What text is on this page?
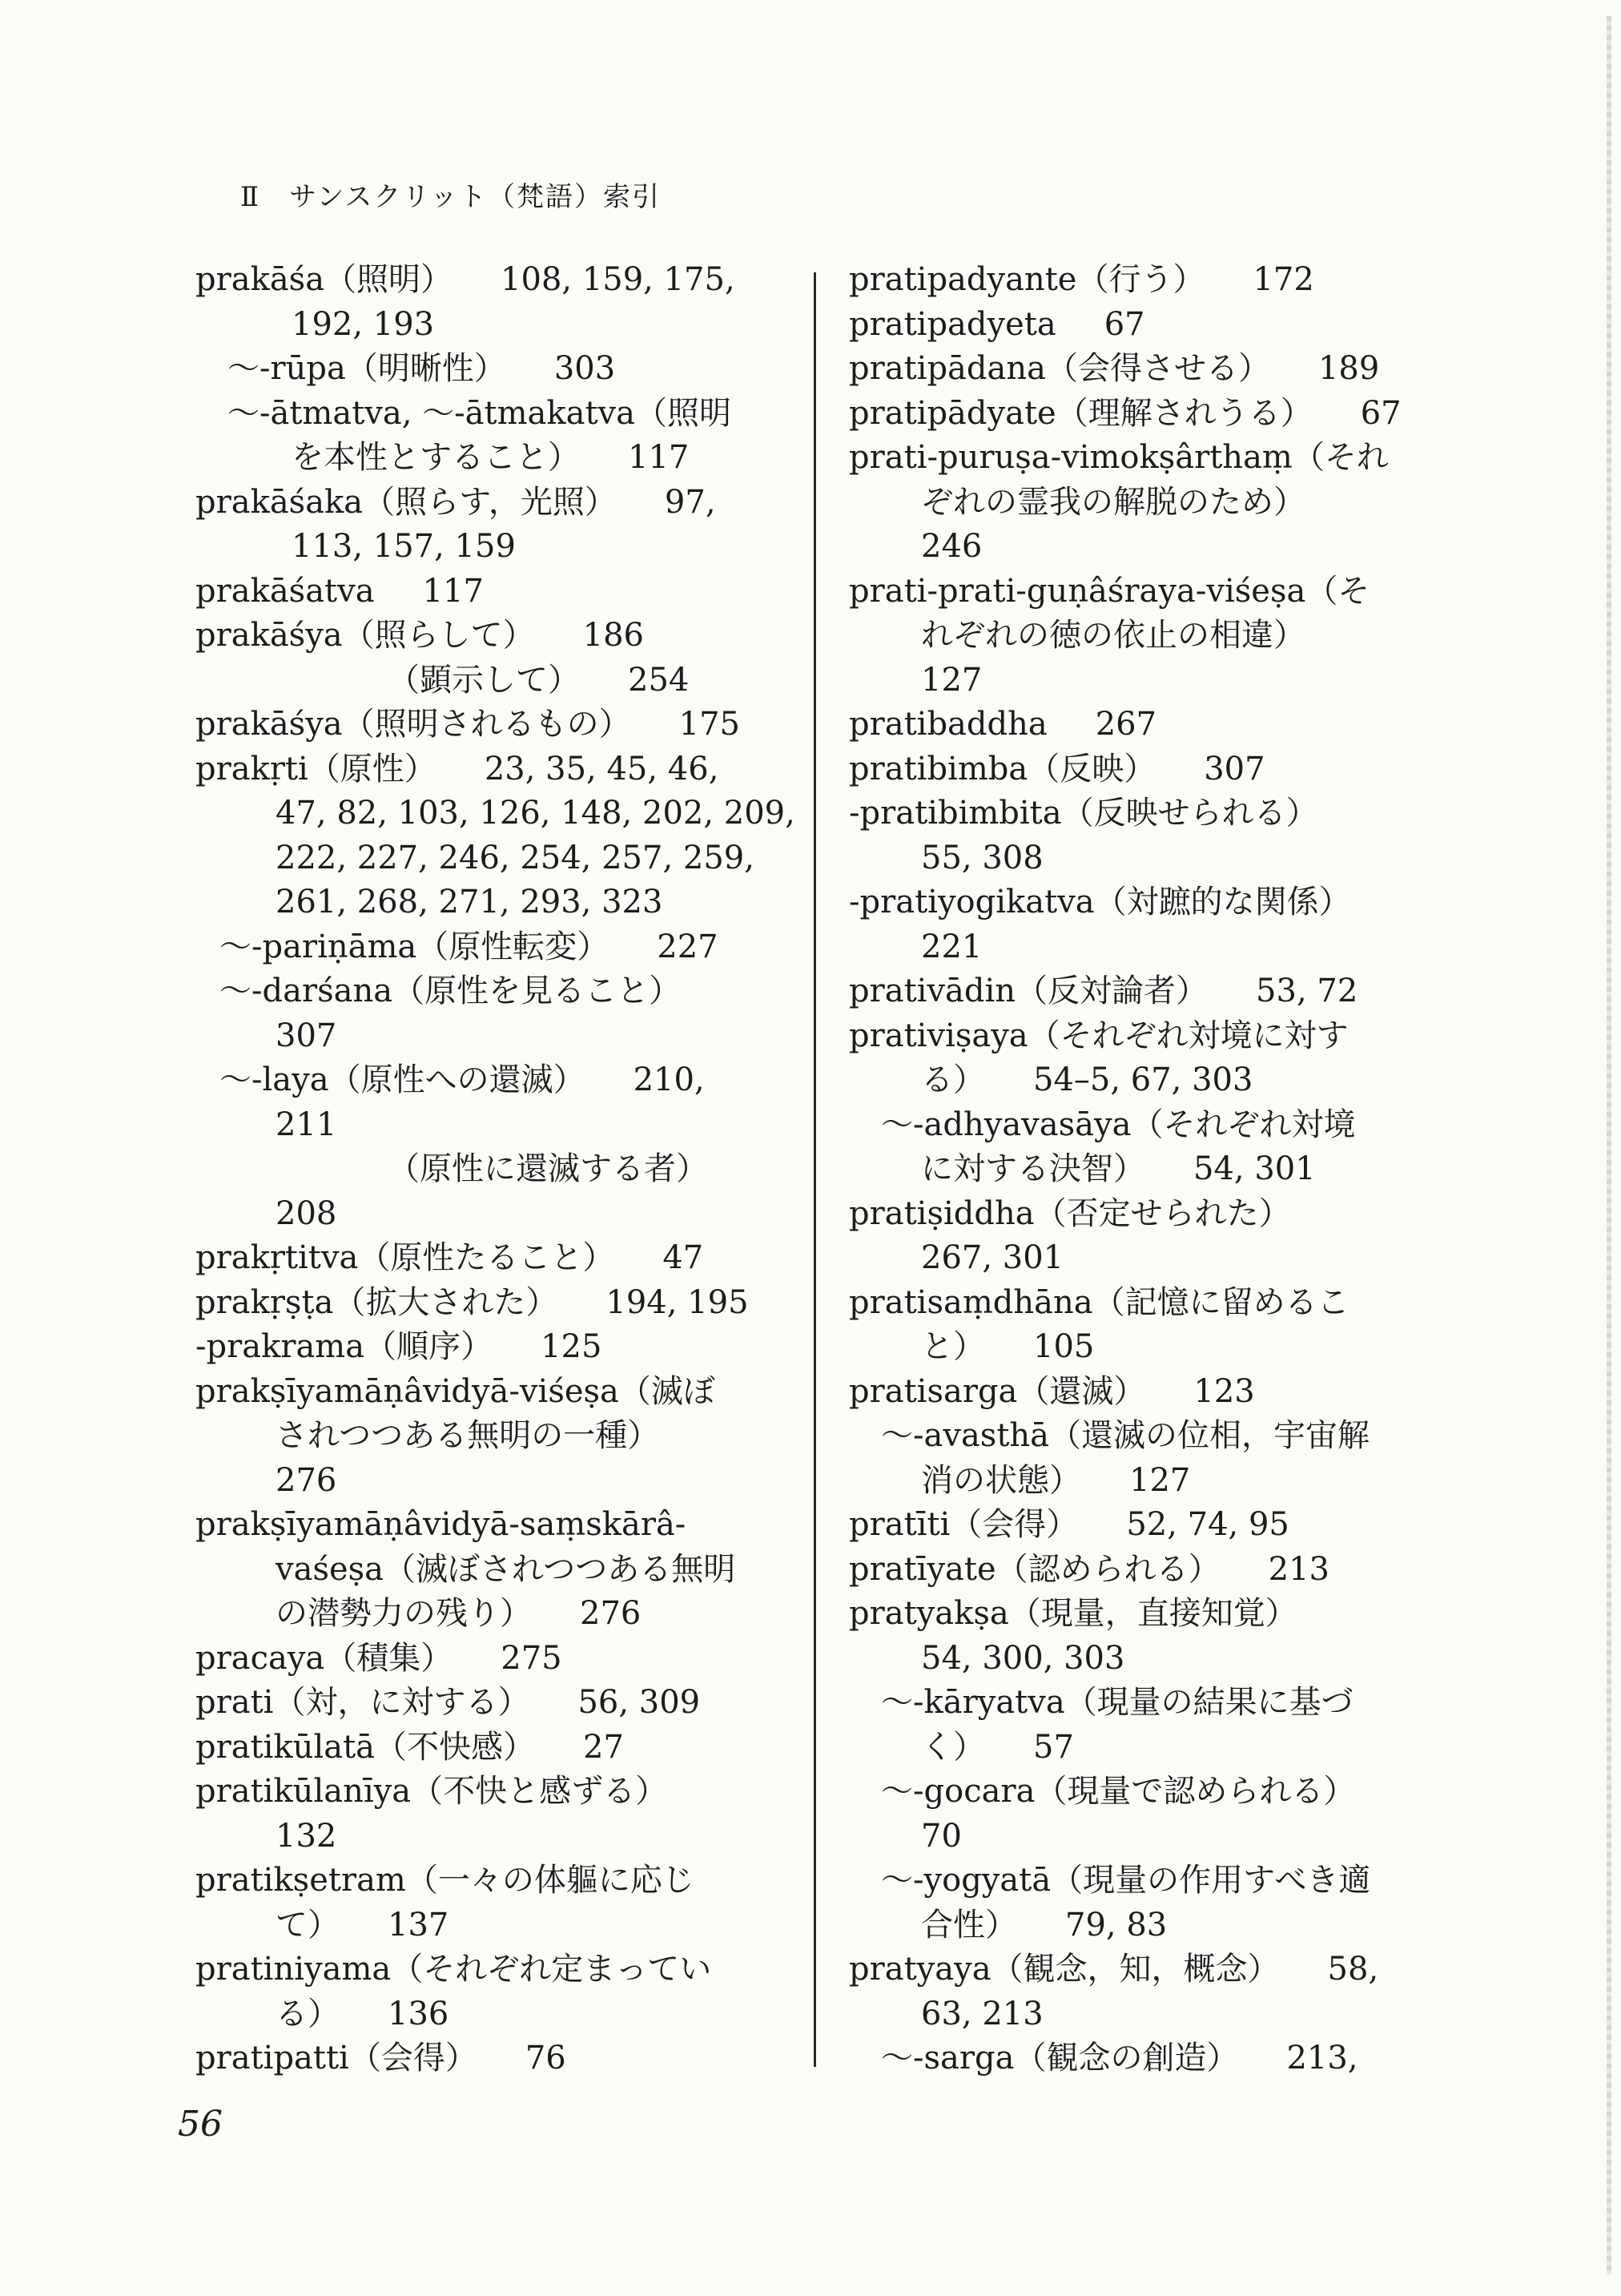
Ⅱ　サンスクリット（梵語）索引
prakāśa（照明） 108, 159, 175,
192, 193
〜-rūpa（明晰性） 303
〜-ātmatva, 〜-ātmakatva（照明
を本性とすること） 117
prakāśaka（照らす，光照） 97,
113, 157, 159
prakāśatva 117
prakāśya（照らして） 186
（顕示して） 254
prakāśya（照明されるもの） 175
prakṛti（原性） 23, 35, 45, 46,
47, 82, 103, 126, 148, 202, 209,
222, 227, 246, 254, 257, 259,
261, 268, 271, 293, 323
〜-pariṇāma（原性転変） 227
〜-darśana（原性を見ること）
307
〜-laya（原性への還滅） 210,
211
（原性に還滅する者）
208
prakṛtitva（原性たること） 47
prakṛṣṭa（拡大された） 194, 195
-prakrama（順序） 125
prakṣīyamāṇâvidyā-viśeṣa（滅ぼ
されつつある無明の一種）
276
prakṣīyamāṇâvidyā-saṃskārâ-
vaśeṣa（滅ぼされつつある無明
の潜勢力の残り） 276
pracaya（積集） 275
prati（対，に対する） 56, 309
pratikūlatā（不快感） 27
pratikūlanīya（不快と感ずる）
132
pratikṣetram（一々の体軀に応じ
て） 137
pratiniyama（それぞれ定まってい
る） 136
pratipatti（会得） 76
pratipadyante（行う） 172
pratipadyeta 67
pratipādana（会得させる） 189
pratipādyate（理解されうる） 67
prati-puruṣa-vimokṣârthaṃ（それ
ぞれの霊我の解脱のため）
246
prati-prati-guṇâśraya-viśeṣa（そ
れぞれの徳の依止の相違）
127
pratibaddha 267
pratibimba（反映） 307
-pratibimbita（反映せられる）
55, 308
-pratiyogikatva（対蹠的な関係）
221
prativādin（反対論者） 53, 72
prativiṣaya（それぞれ対境に対す
る） 54–5, 67, 303
〜-adhyavasāya（それぞれ対境
に対する決智） 54, 301
pratiṣiddha（否定せられた）
267, 301
pratisaṃdhāna（記憶に留めるこ
と） 105
pratisarga（還滅） 123
〜-avasthā（還滅の位相，宇宙解
消の状態） 127
pratīti（会得） 52, 74, 95
pratīyate（認められる） 213
pratyakṣa（現量，直接知覚）
54, 300, 303
〜-kāryatva（現量の結果に基づ
く） 57
〜-gocara（現量で認められる）
70
〜-yogyatā（現量の作用すべき適
合性） 79, 83
pratyaya（観念，知，概念） 58,
63, 213
〜-sarga（観念の創造） 213,
56
